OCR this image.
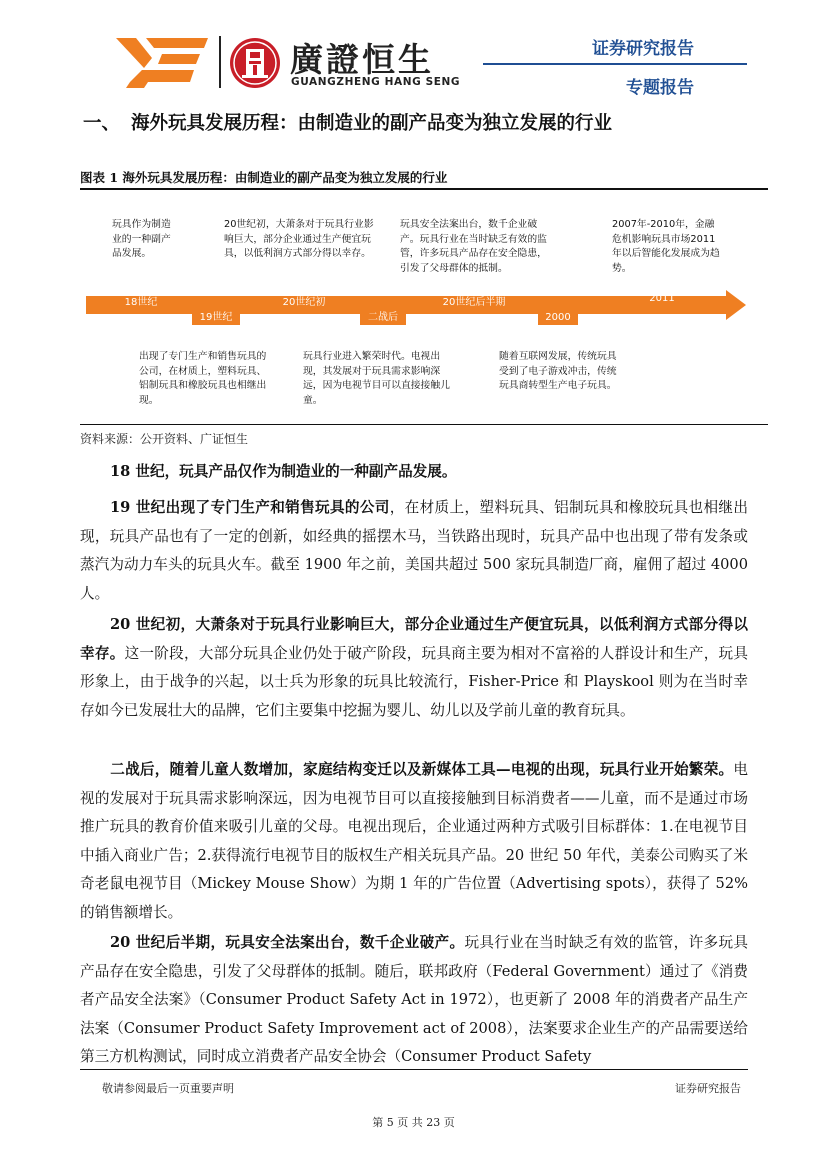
廣證恒生
GUANGZHENG HANG SENG
证券研究报告
专题报告
一、 海外玩具发展历程：由制造业的副产品变为独立发展的行业
图表 1 海外玩具发展历程：由制造业的副产品变为独立发展的行业
玩具作为制造业的一种副产品发展。
20世纪初，大萧条对于玩具行业影响巨大，部分企业通过生产便宜玩具，以低利润方式部分得以幸存。
玩具安全法案出台，数千企业破产。玩具行业在当时缺乏有效的监管，许多玩具产品存在安全隐患，引发了父母群体的抵制。
2007年-2010年，金融危机影响玩具市场2011年以后智能化发展成为趋势。
出现了专门生产和销售玩具的公司，在材质上，塑料玩具、铝制玩具和橡胶玩具也相继出现。
玩具行业进入繁荣时代。电视出现，其发展对于玩具需求影响深远，因为电视节目可以直接接触儿童。
随着互联网发展，传统玩具受到了电子游戏冲击，传统玩具商转型生产电子玩具。
18世纪	20世纪初	20世纪后半期	2011
19世纪	二战后	2000
资料来源：公开资料、广证恒生
18 世纪，玩具产品仅作为制造业的一种副产品发展。
19 世纪出现了专门生产和销售玩具的公司，在材质上，塑料玩具、铝制玩具和橡胶玩具也相继出现，玩具产品也有了一定的创新，如经典的摇摆木马，当铁路出现时，玩具产品中也出现了带有发条或蒸汽为动力车头的玩具火车。截至 1900 年之前，美国共超过 500 家玩具制造厂商，雇佣了超过 4000 人。
20 世纪初，大萧条对于玩具行业影响巨大，部分企业通过生产便宜玩具，以低利润方式部分得以幸存。这一阶段，大部分玩具企业仍处于破产阶段，玩具商主要为相对不富裕的人群设计和生产，玩具形象上，由于战争的兴起，以士兵为形象的玩具比较流行，Fisher-Price 和 Playskool 则为在当时幸存如今已发展壮大的品牌，它们主要集中挖掘为婴儿、幼儿以及学前儿童的教育玩具。
二战后，随着儿童人数增加，家庭结构变迁以及新媒体工具—电视的出现，玩具行业开始繁荣。电视的发展对于玩具需求影响深远，因为电视节目可以直接接触到目标消费者——儿童，而不是通过市场推广玩具的教育价值来吸引儿童的父母。电视出现后，企业通过两种方式吸引目标群体：1.在电视节目中插入商业广告；2.获得流行电视节目的版权生产相关玩具产品。20 世纪 50 年代，美泰公司购买了米奇老鼠电视节目（Mickey Mouse Show）为期 1 年的广告位置（Advertising spots），获得了 52% 的销售额增长。
20 世纪后半期，玩具安全法案出台，数千企业破产。玩具行业在当时缺乏有效的监管，许多玩具产品存在安全隐患，引发了父母群体的抵制。随后，联邦政府（Federal Government）通过了《消费者产品安全法案》（Consumer Product Safety Act in 1972），也更新了 2008 年的消费者产品生产法案（Consumer Product Safety Improvement act of 2008），法案要求企业生产的产品需要送给第三方机构测试，同时成立消费者产品安全协会（Consumer Product Safety
敬请参阅最后一页重要声明	证券研究报告
第 5 页 共 23 页
